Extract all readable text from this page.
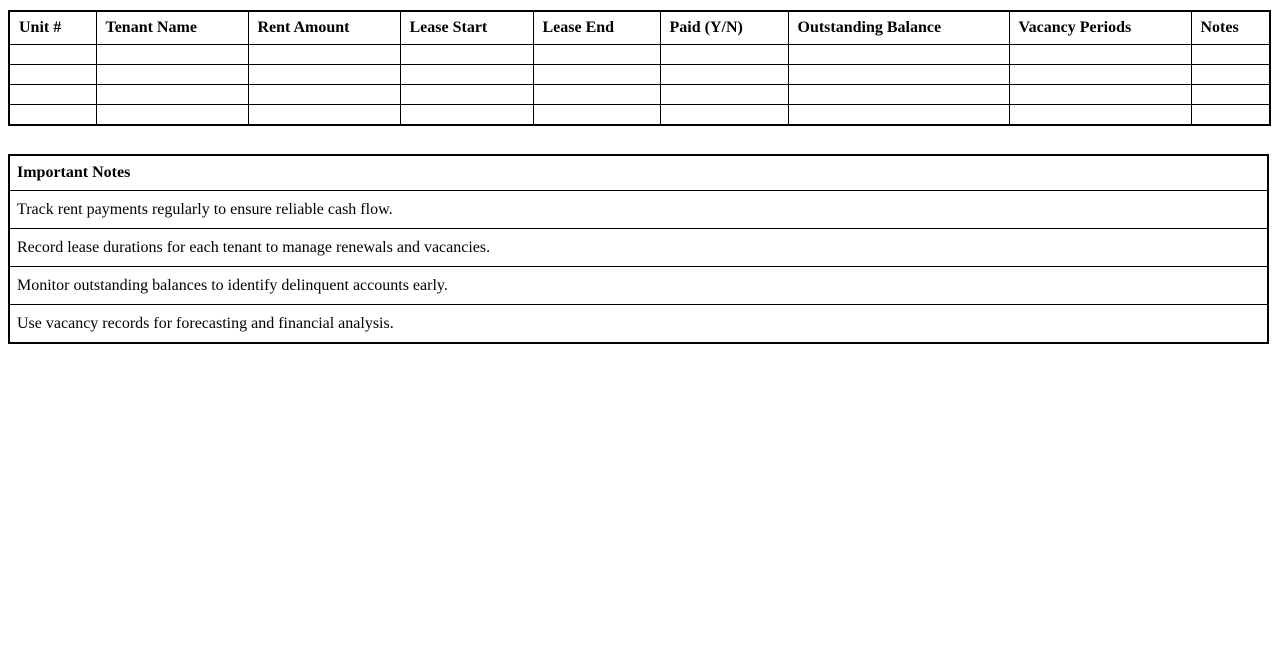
Unit #	Tenant Name	Rent Amount	Lease Start	Lease End	Paid (Y/N)	Outstanding Balance	Vacancy Periods	Notes

Important Notes
Track rent payments regularly to ensure reliable cash flow.
Record lease durations for each tenant to manage renewals and vacancies.
Monitor outstanding balances to identify delinquent accounts early.
Use vacancy records for forecasting and financial analysis.
